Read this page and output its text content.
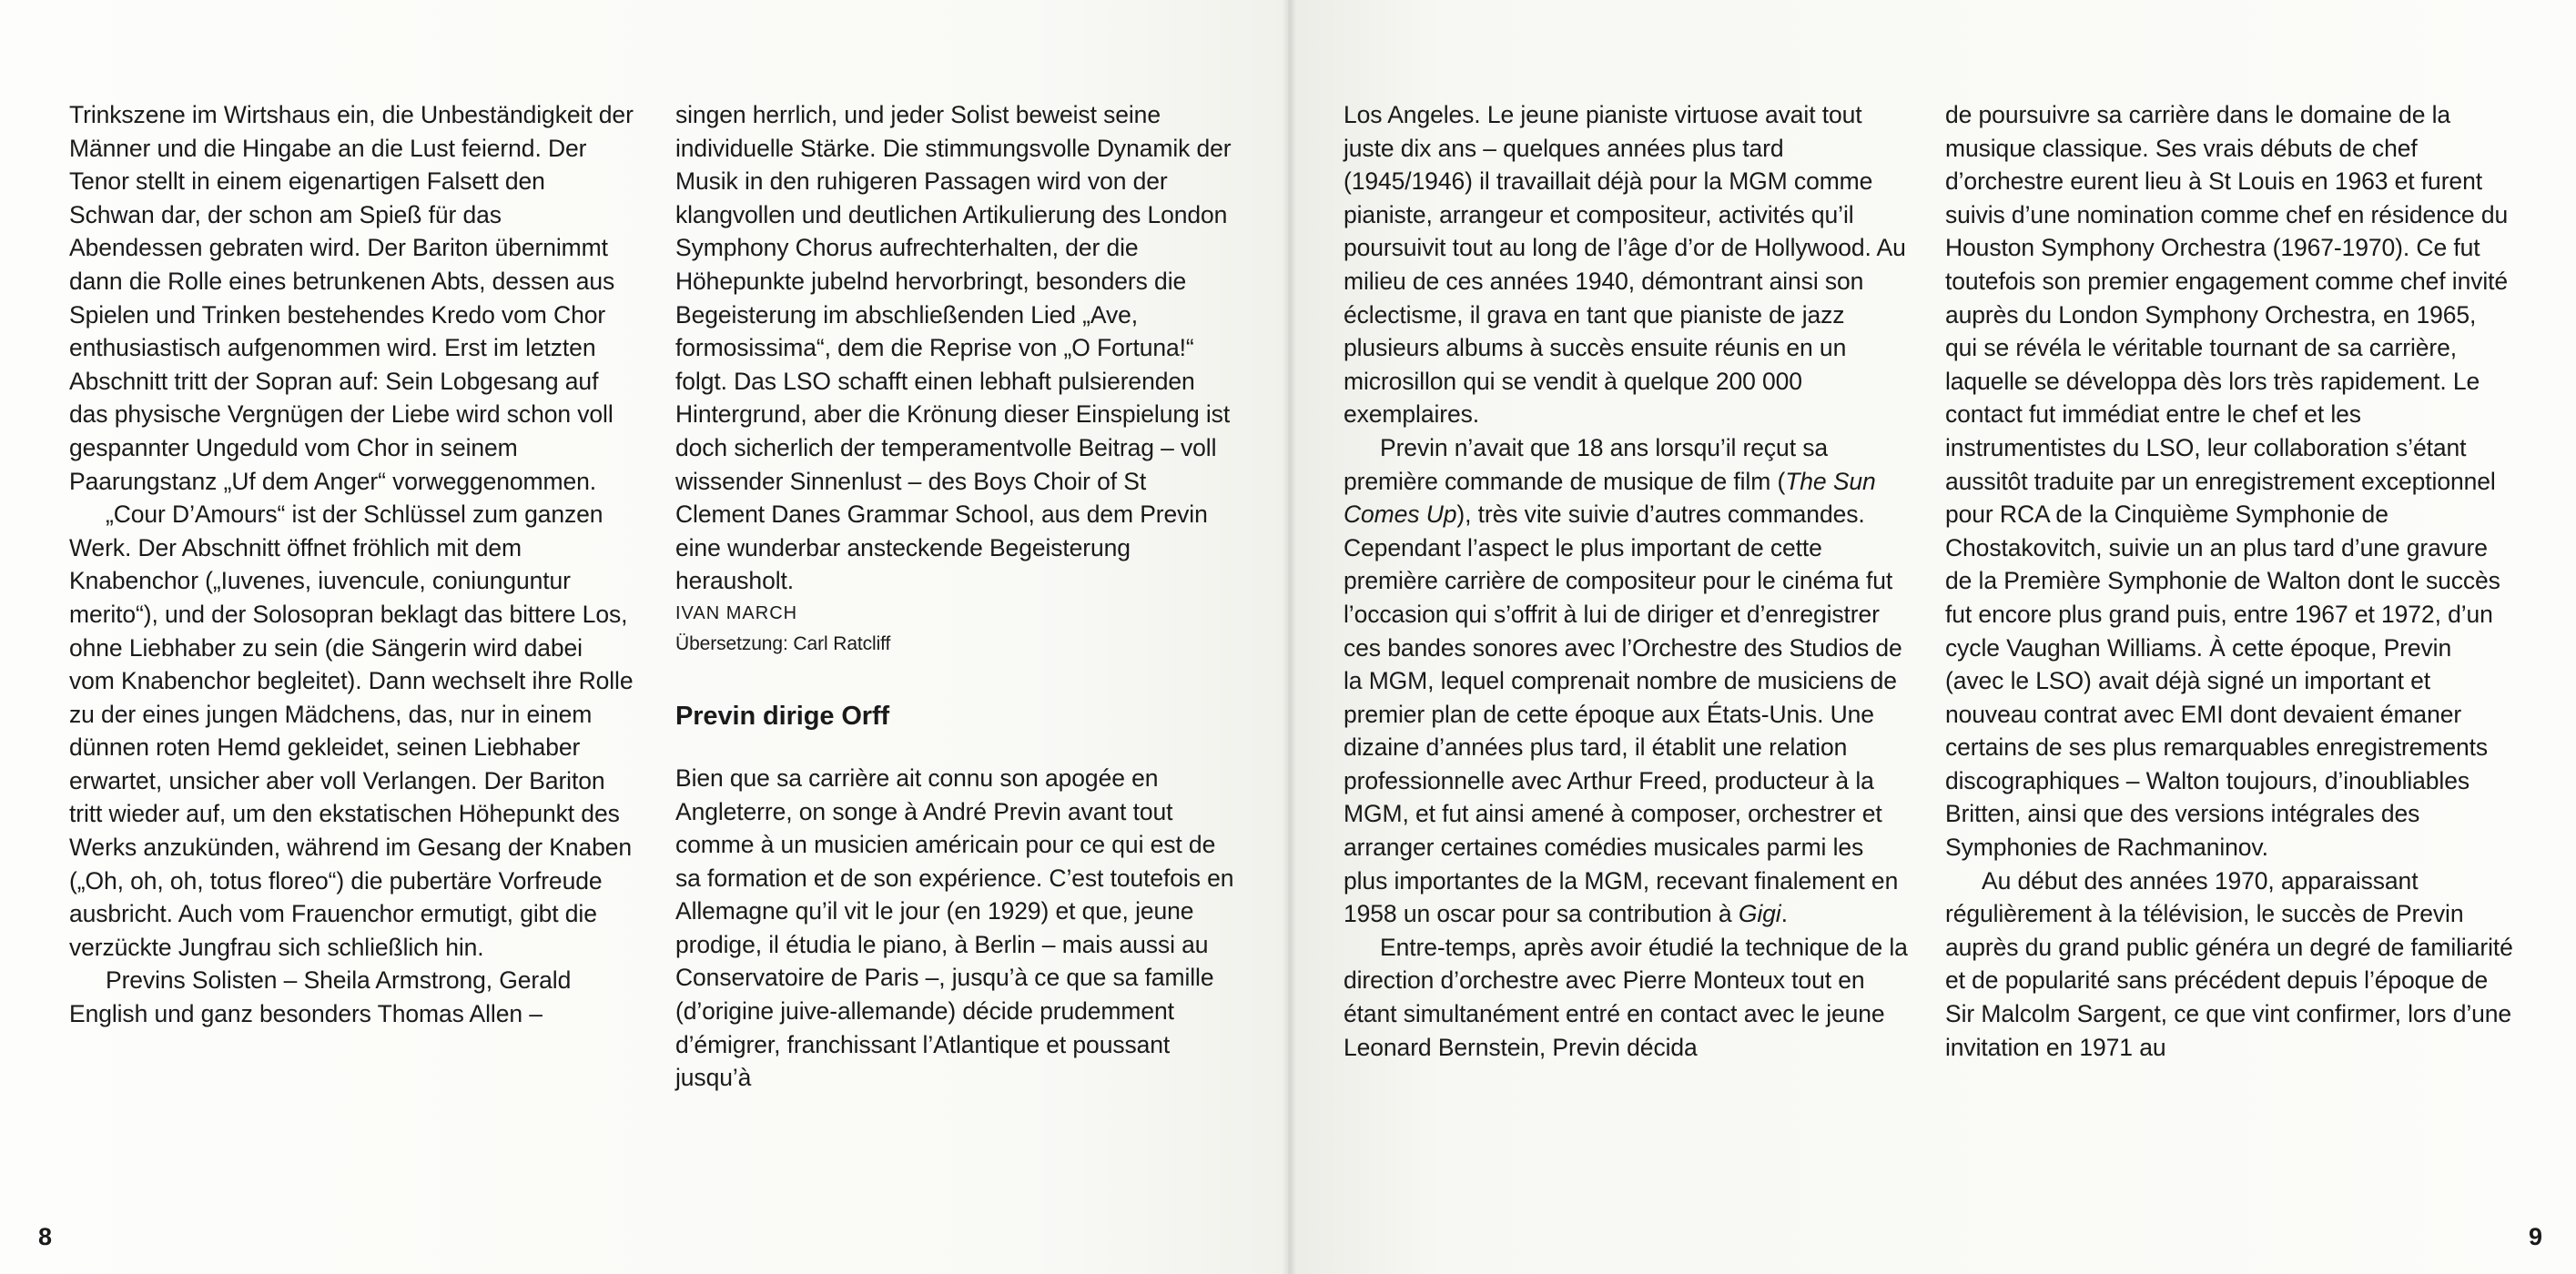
Trinkszene im Wirtshaus ein, die Unbeständigkeit der Männer und die Hingabe an die Lust feiernd. Der Tenor stellt in einem eigenartigen Falsett den Schwan dar, der schon am Spieß für das Abendessen gebraten wird. Der Bariton übernimmt dann die Rolle eines betrunkenen Abts, dessen aus Spielen und Trinken bestehendes Kredo vom Chor enthusiastisch aufgenommen wird. Erst im letzten Abschnitt tritt der Sopran auf: Sein Lobgesang auf das physische Vergnügen der Liebe wird schon voll gespannter Ungeduld vom Chor in seinem Paarungstanz „Uf dem Anger“ vorweggenommen.

„Cour D’Amours“ ist der Schlüssel zum ganzen Werk. Der Abschnitt öffnet fröhlich mit dem Knabenchor („Iuvenes, iuvencule, coniunguntur merito“), und der Solosopran beklagt das bittere Los, ohne Liebhaber zu sein (die Sängerin wird dabei vom Knabenchor begleitet). Dann wechselt ihre Rolle zu der eines jungen Mädchens, das, nur in einem dünnen roten Hemd gekleidet, seinen Liebhaber erwartet, unsicher aber voll Verlangen. Der Bariton tritt wieder auf, um den ekstatischen Höhepunkt des Werks anzukünden, während im Gesang der Knaben („Oh, oh, oh, totus floreo“) die pubertäre Vorfreude ausbricht. Auch vom Frauenchor ermutigt, gibt die verzückte Jungfrau sich schließlich hin.

Previns Solisten – Sheila Armstrong, Gerald English und ganz besonders Thomas Allen –

singen herrlich, und jeder Solist beweist seine individuelle Stärke. Die stimmungsvolle Dynamik der Musik in den ruhigeren Passagen wird von der klangvollen und deutlichen Artikulierung des London Symphony Chorus aufrechterhalten, der die Höhepunkte jubelnd hervorbringt, besonders die Begeisterung im abschließenden Lied „Ave, formosissima“, dem die Reprise von „O Fortuna!“ folgt. Das LSO schafft einen lebhaft pulsierenden Hintergrund, aber die Krönung dieser Einspielung ist doch sicherlich der temperamentvolle Beitrag – voll wissender Sinnenlust – des Boys Choir of St Clement Danes Grammar School, aus dem Previn eine wunderbar ansteckende Begeisterung herausholt.

IVAN MARCH
Übersetzung: Carl Ratcliff
Previn dirige Orff

Bien que sa carrière ait connu son apogée en Angleterre, on songe à André Previn avant tout comme à un musicien américain pour ce qui est de sa formation et de son expérience. C’est toutefois en Allemagne qu’il vit le jour (en 1929) et que, jeune prodige, il étudia le piano, à Berlin – mais aussi au Conservatoire de Paris –, jusqu’à ce que sa famille (d’origine juive-allemande) décide prudemment d’émigrer, franchissant l’Atlantique et poussant jusqu’à

8

Los Angeles. Le jeune pianiste virtuose avait tout juste dix ans – quelques années plus tard (1945/1946) il travaillait déjà pour la MGM comme pianiste, arrangeur et compositeur, activités qu’il poursuivit tout au long de l’âge d’or de Hollywood. Au milieu de ces années 1940, démontrant ainsi son éclectisme, il grava en tant que pianiste de jazz plusieurs albums à succès ensuite réunis en un microsillon qui se vendit à quelque 200 000 exemplaires.

Previn n’avait que 18 ans lorsqu’il reçut sa première commande de musique de film (The Sun Comes Up), très vite suivie d’autres commandes. Cependant l’aspect le plus important de cette première carrière de compositeur pour le cinéma fut l’occasion qui s’offrit à lui de diriger et d’enregistrer ces bandes sonores avec l’Orchestre des Studios de la MGM, lequel comprenait nombre de musiciens de premier plan de cette époque aux États-Unis. Une dizaine d’années plus tard, il établit une relation professionnelle avec Arthur Freed, producteur à la MGM, et fut ainsi amené à composer, orchestrer et arranger certaines comédies musicales parmi les plus importantes de la MGM, recevant finalement en 1958 un oscar pour sa contribution à Gigi.

Entre-temps, après avoir étudié la technique de la direction d’orchestre avec Pierre Monteux tout en étant simultanément entré en contact avec le jeune Leonard Bernstein, Previn décida

de poursuivre sa carrière dans le domaine de la musique classique. Ses vrais débuts de chef d’orchestre eurent lieu à St Louis en 1963 et furent suivis d’une nomination comme chef en résidence du Houston Symphony Orchestra (1967-1970). Ce fut toutefois son premier engagement comme chef invité auprès du London Symphony Orchestra, en 1965, qui se révéla le véritable tournant de sa carrière, laquelle se développa dès lors très rapidement. Le contact fut immédiat entre le chef et les instrumentistes du LSO, leur collaboration s’étant aussitôt traduite par un enregistrement exceptionnel pour RCA de la Cinquième Symphonie de Chostakovitch, suivie un an plus tard d’une gravure de la Première Symphonie de Walton dont le succès fut encore plus grand puis, entre 1967 et 1972, d’un cycle Vaughan Williams. À cette époque, Previn (avec le LSO) avait déjà signé un important et nouveau contrat avec EMI dont devaient émaner certains de ses plus remarquables enregistrements discographiques – Walton toujours, d’inoubliables Britten, ainsi que des versions intégrales des Symphonies de Rachmaninov.

Au début des années 1970, apparaissant régulièrement à la télévision, le succès de Previn auprès du grand public généra un degré de familiarité et de popularité sans précédent depuis l’époque de Sir Malcolm Sargent, ce que vint confirmer, lors d’une invitation en 1971 au

9
